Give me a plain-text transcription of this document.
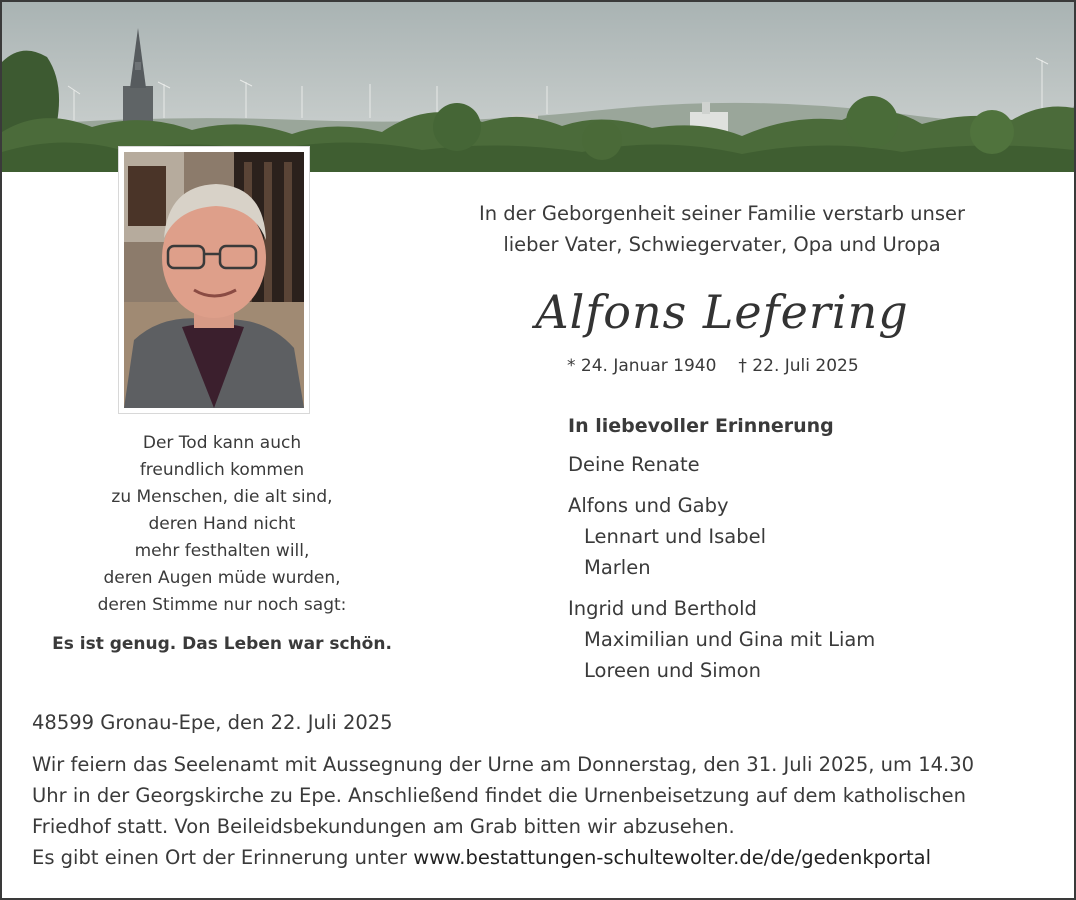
Der Tod kann auch
freundlich kommen
zu Menschen, die alt sind,
deren Hand nicht
mehr festhalten will,
deren Augen müde wurden,
deren Stimme nur noch sagt:
Es ist genug. Das Leben war schön.
In der Geborgenheit seiner Familie verstarb unser
lieber Vater, Schwiegervater, Opa und Uropa
Alfons Lefering
* 24. Januar 1940 † 22. Juli 2025
In liebevoller Erinnerung
Deine Renate
Alfons und Gaby
Lennart und Isabel
Marlen
Ingrid und Berthold
Maximilian und Gina mit Liam
Loreen und Simon
48599 Gronau-Epe, den 22. Juli 2025
Wir feiern das Seelenamt mit Aussegnung der Urne am Donnerstag, den 31. Juli 2025, um 14.30
Uhr in der Georgskirche zu Epe. Anschließend findet die Urnenbeisetzung auf dem katholischen
Friedhof statt. Von Beileidsbekundungen am Grab bitten wir abzusehen.
Es gibt einen Ort der Erinnerung unter www.bestattungen-schultewolter.de/de/gedenkportal
